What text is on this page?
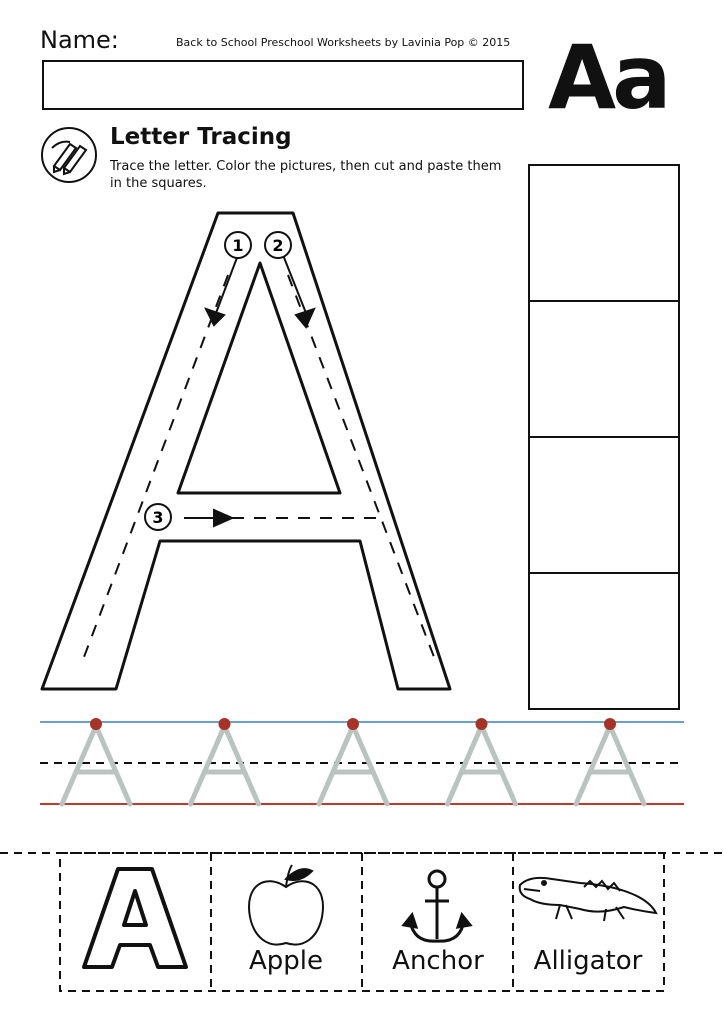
Name:	Back to School Preschool Worksheets by Lavinia Pop © 2015 Aa
Letter Tracing
Trace the letter. Color the pictures, then cut and paste them in the squares.
1 2
3
Apple	Anchor	Alligator
